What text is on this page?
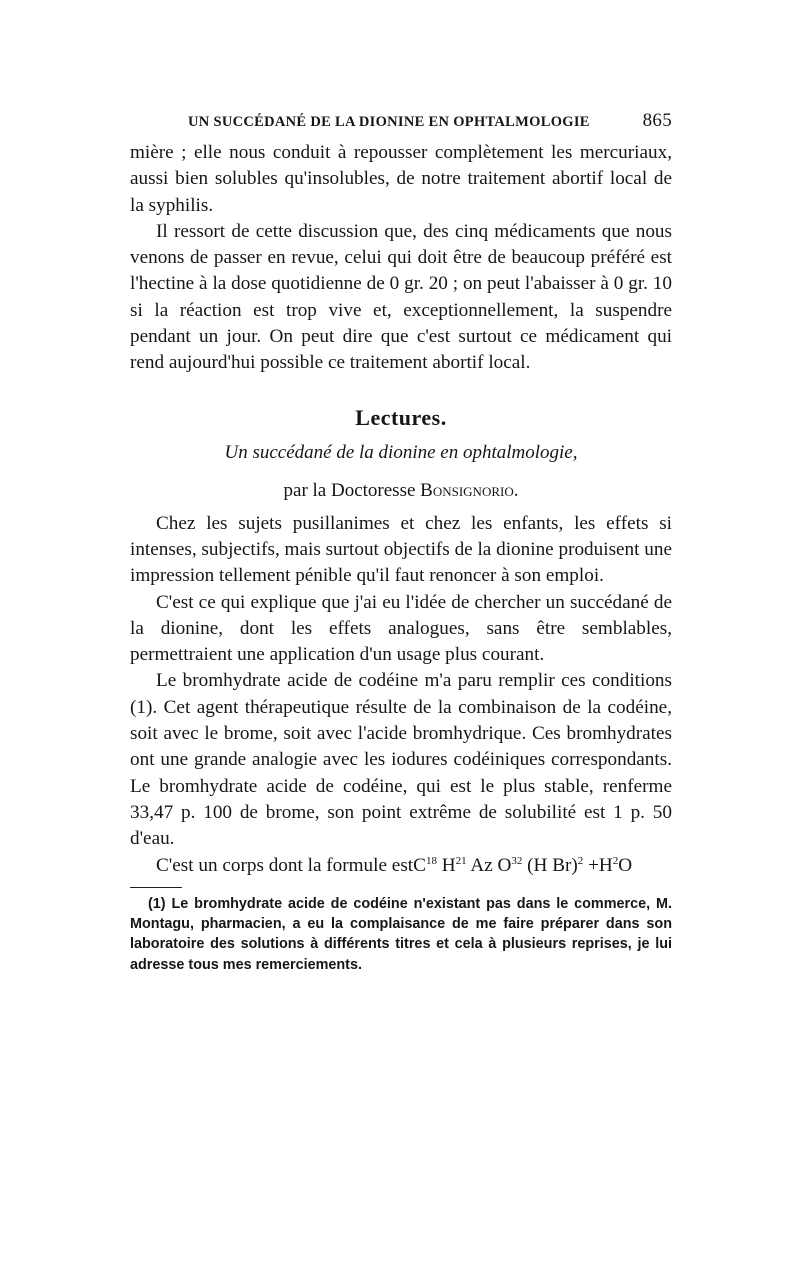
UN SUCCÉDANÉ DE LA DIONINE EN OPHTALMOLOGIE	865

mière ; elle nous conduit à repousser complètement les mercuriaux, aussi bien solubles qu'insolubles, de notre traitement abortif local de la syphilis.

Il ressort de cette discussion que, des cinq médicaments que nous venons de passer en revue, celui qui doit être de beaucoup préféré est l'hectine à la dose quotidienne de 0 gr. 20 ; on peut l'abaisser à 0 gr. 10 si la réaction est trop vive et, exceptionnellement, la suspendre pendant un jour. On peut dire que c'est surtout ce médicament qui rend aujourd'hui possible ce traitement abortif local.

Lectures.
Un succédané de la dionine en ophtalmologie,
par la Doctoresse Bonsignorio.

Chez les sujets pusillanimes et chez les enfants, les effets si intenses, subjectifs, mais surtout objectifs de la dionine produisent une impression tellement pénible qu'il faut renoncer à son emploi.

C'est ce qui explique que j'ai eu l'idée de chercher un succédané de la dionine, dont les effets analogues, sans être semblables, permettraient une application d'un usage plus courant.

Le bromhydrate acide de codéine m'a paru remplir ces conditions (1). Cet agent thérapeutique résulte de la combinaison de la codéine, soit avec le brome, soit avec l'acide bromhydrique. Ces bromhydrates ont une grande analogie avec les iodures codéiniques correspondants. Le bromhydrate acide de codéine, qui est le plus stable, renferme 33,47 p. 100 de brome, son point extrême de solubilité est 1 p. 50 d'eau.

C'est un corps dont la formule estC$^{18}$ $H^{21}$ Az $O^{32}$ (H $Br)^2 +H^2O$

(1) Le bromhydrate acide de codéine n'existant pas dans le commerce, M. Montagu, pharmacien, a eu la complaisance de me faire préparer dans son laboratoire des solutions à différents titres et cela à plusieurs reprises, je lui adresse tous mes remerciements.
